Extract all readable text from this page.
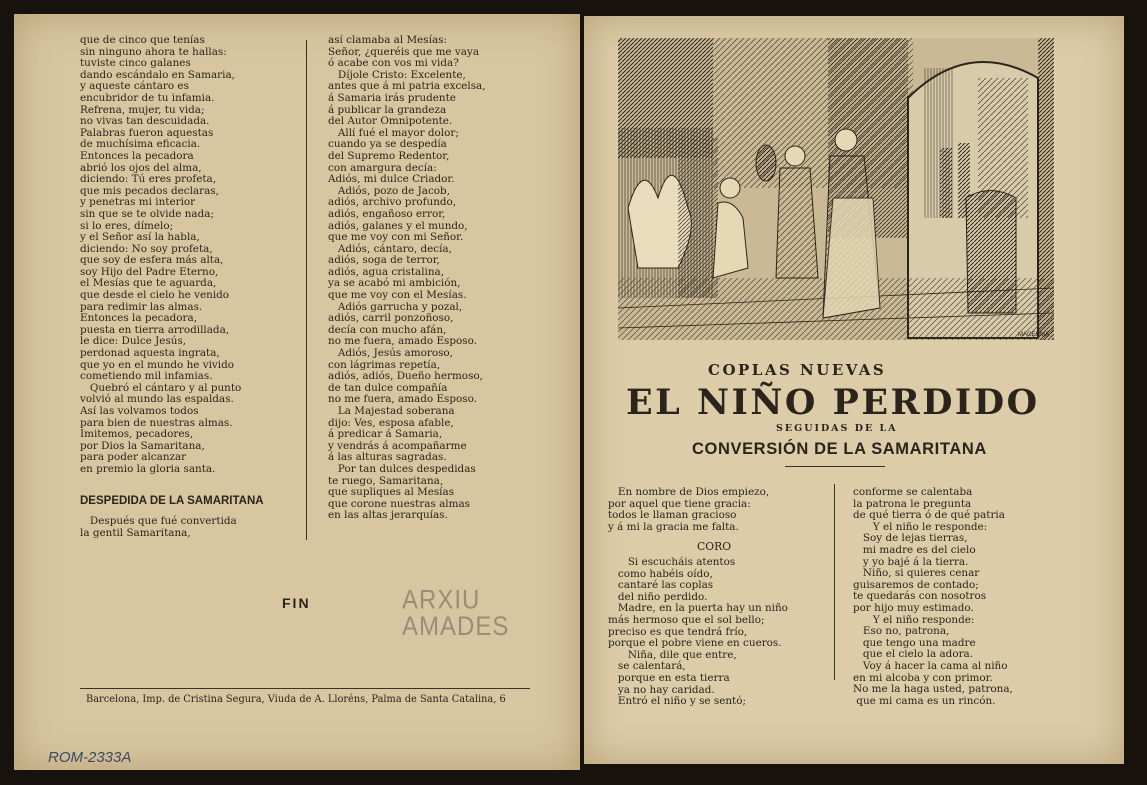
que de cinco que tenías
sin ninguno ahora te hallas:
tuviste cinco galanes
dando escándalo en Samaria,
y aqueste cántaro es
encubridor de tu infamia.
Refrena, mujer, tu vida;
no vivas tan descuidada.
Palabras fueron aquestas
de muchísima eficacia.
Entonces la pecadora
abrió los ojos del alma,
diciendo: Tú eres profeta,
que mis pecados declaras,
y penetras mi interior
sin que se te olvide nada;
si lo eres, dímelo;
y el Señor así la habla,
diciendo: No soy profeta,
que soy de esfera más alta,
soy Hijo del Padre Eterno,
el Mesías que te aguarda,
que desde el cielo he venido
para redimir las almas.
Entonces la pecadora,
puesta en tierra arrodillada,
le dice: Dulce Jesús,
perdonad aquesta ingrata,
que yo en el mundo he vivido
cometiendo mil infamias.
Quebró el cántaro y al punto
volvió al mundo las espaldas.
Así las volvamos todos
para bien de nuestras almas.
Imitemos, pecadores,
por Dios la Samaritana,
para poder alcanzar
en premio la gloria santa.
así clamaba al Mesías:
Señor, ¿queréis que me vaya
ó acabe con vos mi vida?
Díjole Cristo: Excelente,
antes que á mi patria excelsa,
á Samaria irás prudente
á publicar la grandeza
del Autor Omnipotente.
Allí fué el mayor dolor;
cuando ya se despedía
del Supremo Redentor,
con amargura decía:
Adiós, mi dulce Criador.
Adiós, pozo de Jacob,
adiós, archivo profundo,
adiós, engañoso error,
adiós, galanes y el mundo,
que me voy con mi Señor.
Adiós, cántaro, decía,
adiós, soga de terror,
adiós, agua cristalina,
ya se acabó mi ambición,
que me voy con el Mesías.
Adiós garrucha y pozal,
adiós, carril ponzoñoso,
decía con mucho afán,
no me fuera, amado Esposo.
Adiós, Jesús amoroso,
con lágrimas repetía,
adiós, adiós, Dueño hermoso,
de tan dulce compañía
no me fuera, amado Esposo.
La Majestad soberana
dijo: Ves, esposa afable,
á predicar á Samaria,
y vendrás á acompañarme
á las alturas sagradas.
Por tan dulces despedidas
te ruego, Samaritana,
que supliques al Mesías
que corone nuestras almas
en las altas jerarquías.
DESPEDIDA DE LA SAMARITANA
Después que fué convertida
la gentil Samaritana,
FIN	ARXIU
AMADES
Barcelona, Imp. de Cristina Segura, Viuda de A. Lloréns, Palma de Santa Catalina, 6
ROM-2333A
MAGENMA
COPLAS NUEVAS
EL NIÑO PERDIDO
SEGUIDAS DE LA
CONVERSIÓN DE LA SAMARITANA
En nombre de Dios empiezo,
por aquel que tiene gracia:
todos le llaman gracioso
y á mi la gracia me falta.
CORO
Si escucháis atentos
como habéis oído,
cantaré las coplas
del niño perdido.
Madre, en la puerta hay un niño
más hermoso que el sol bello;
preciso es que tendrá frío,
porque el pobre viene en cueros.
Niña, dile que entre,
se calentará,
porque en esta tierra
ya no hay caridad.
Entró el niño y se sentó;
conforme se calentaba
la patrona le pregunta
de qué tierra ó de qué patria
Y el niño le responde:
Soy de lejas tierras,
mi madre es del cielo
y yo bajé á la tierra.
Niño, si quieres cenar
guisaremos de contado;
te quedarás con nosotros
por hijo muy estimado.
Y el niño responde:
Eso no, patrona,
que tengo una madre
que el cielo la adora.
Voy á hacer la cama al niño
en mi alcoba y con primor.
No me la haga usted, patrona,
que mi cama es un rincón.
